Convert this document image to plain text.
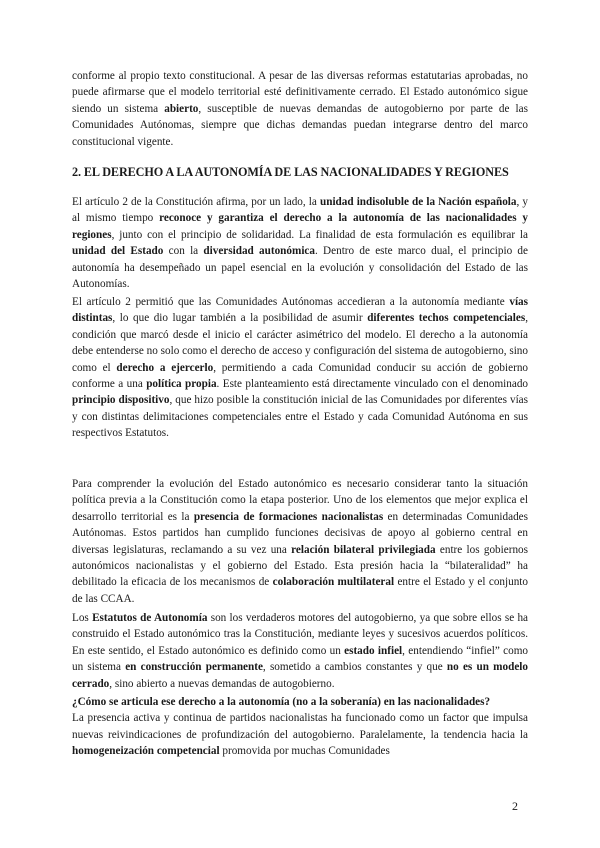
conforme al propio texto constitucional. A pesar de las diversas reformas estatutarias aprobadas, no puede afirmarse que el modelo territorial esté definitivamente cerrado. El Estado autonómico sigue siendo un sistema abierto, susceptible de nuevas demandas de autogobierno por parte de las Comunidades Autónomas, siempre que dichas demandas puedan integrarse dentro del marco constitucional vigente.

2. EL DERECHO A LA AUTONOMÍA DE LAS NACIONALIDADES Y REGIONES

El artículo 2 de la Constitución afirma, por un lado, la unidad indisoluble de la Nación española, y al mismo tiempo reconoce y garantiza el derecho a la autonomía de las nacionalidades y regiones, junto con el principio de solidaridad. La finalidad de esta formulación es equilibrar la unidad del Estado con la diversidad autonómica. Dentro de este marco dual, el principio de autonomía ha desempeñado un papel esencial en la evolución y consolidación del Estado de las Autonomías.

El artículo 2 permitió que las Comunidades Autónomas accedieran a la autonomía mediante vías distintas, lo que dio lugar también a la posibilidad de asumir diferentes techos competenciales, condición que marcó desde el inicio el carácter asimétrico del modelo. El derecho a la autonomía debe entenderse no solo como el derecho de acceso y configuración del sistema de autogobierno, sino como el derecho a ejercerlo, permitiendo a cada Comunidad conducir su acción de gobierno conforme a una política propia. Este planteamiento está directamente vinculado con el denominado principio dispositivo, que hizo posible la constitución inicial de las Comunidades por diferentes vías y con distintas delimitaciones competenciales entre el Estado y cada Comunidad Autónoma en sus respectivos Estatutos.

Para comprender la evolución del Estado autonómico es necesario considerar tanto la situación política previa a la Constitución como la etapa posterior. Uno de los elementos que mejor explica el desarrollo territorial es la presencia de formaciones nacionalistas en determinadas Comunidades Autónomas. Estos partidos han cumplido funciones decisivas de apoyo al gobierno central en diversas legislaturas, reclamando a su vez una relación bilateral privilegiada entre los gobiernos autonómicos nacionalistas y el gobierno del Estado. Esta presión hacia la “bilateralidad” ha debilitado la eficacia de los mecanismos de colaboración multilateral entre el Estado y el conjunto de las CCAA.

Los Estatutos de Autonomía son los verdaderos motores del autogobierno, ya que sobre ellos se ha construido el Estado autonómico tras la Constitución, mediante leyes y sucesivos acuerdos políticos. En este sentido, el Estado autonómico es definido como un estado infiel, entendiendo “infiel” como un sistema en construcción permanente, sometido a cambios constantes y que no es un modelo cerrado, sino abierto a nuevas demandas de autogobierno.

¿Cómo se articula ese derecho a la autonomía (no a la soberanía) en las nacionalidades?

La presencia activa y continua de partidos nacionalistas ha funcionado como un factor que impulsa nuevas reivindicaciones de profundización del autogobierno. Paralelamente, la tendencia hacia la homogeneización competencial promovida por muchas Comunidades

2
